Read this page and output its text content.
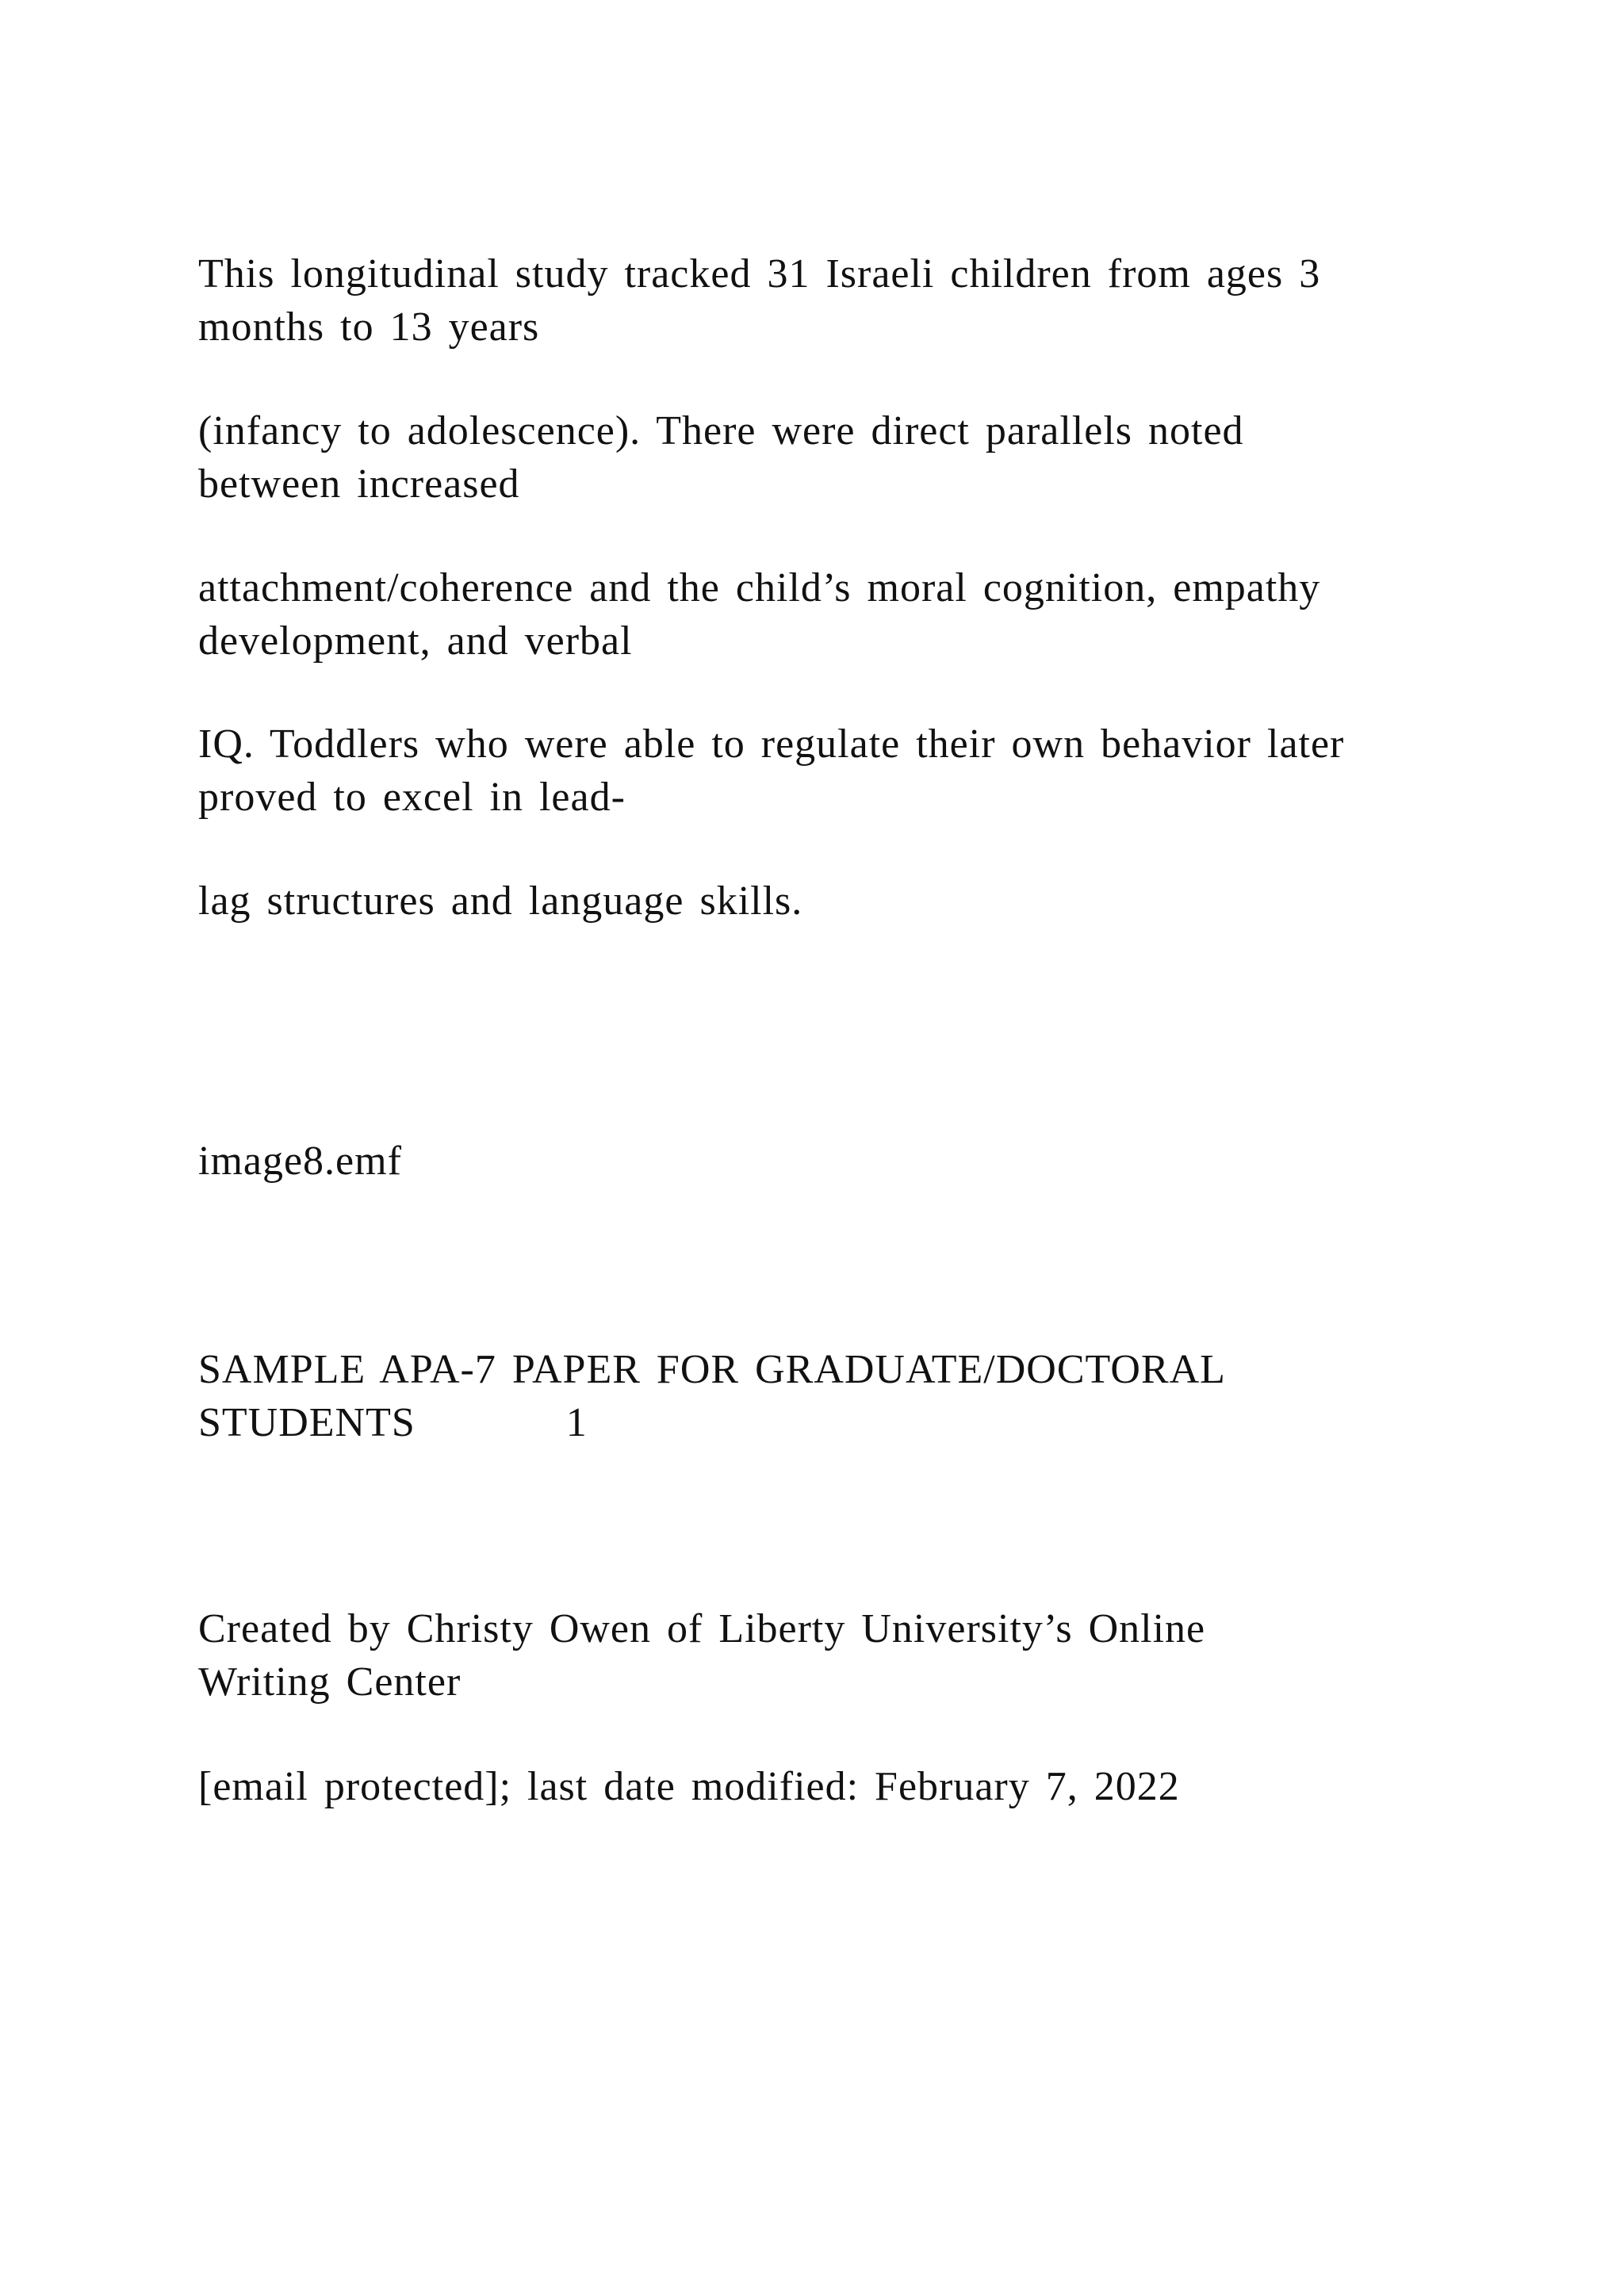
This longitudinal study tracked 31 Israeli children from ages 3
months to 13 years
(infancy to adolescence). There were direct parallels noted
between increased
attachment/coherence and the child’s moral cognition, empathy
development, and verbal
IQ. Toddlers who were able to regulate their own behavior later
proved to excel in lead-
lag structures and language skills.
image8.emf
SAMPLE APA-7 PAPER FOR GRADUATE/DOCTORAL
STUDENTS	1
Created by Christy Owen of Liberty University’s Online
Writing Center
[email protected]; last date modified: February 7, 2022
